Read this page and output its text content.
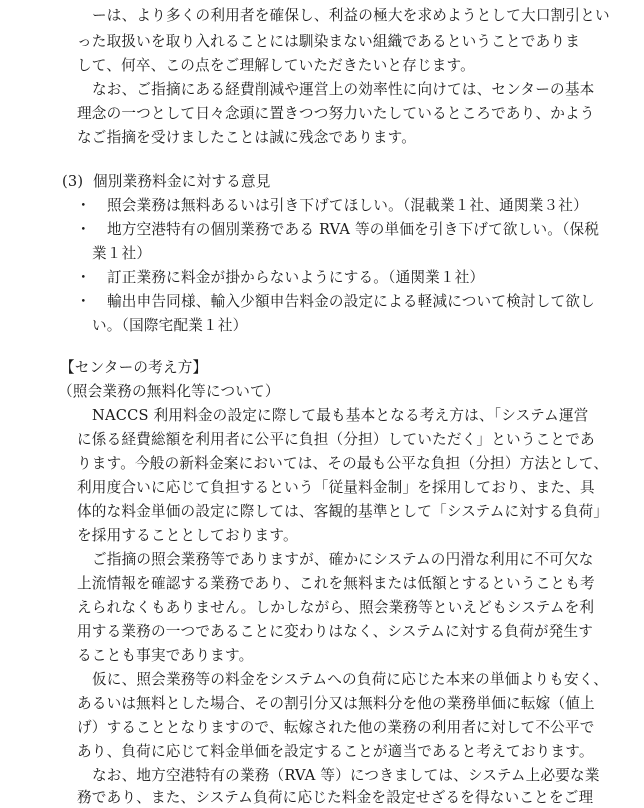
ーは、より多くの利用者を確保し、利益の極大を求めようとして大口割引とい
った取扱いを取り入れることには馴染まない組織であるということでありま
して、何卒、この点をご理解していただきたいと存じます。
なお、ご指摘にある経費削減や運営上の効率性に向けては、センターの基本
理念の一つとして日々念頭に置きつつ努力いたしているところであり、かよう
なご指摘を受けましたことは誠に残念であります。
(3) 個別業務料金に対する意見
・ 照会業務は無料あるいは引き下げてほしい。（混載業１社、通関業３社）
・ 地方空港特有の個別業務である RVA 等の単価を引き下げて欲しい。（保税
業１社）
・ 訂正業務に料金が掛からないようにする。（通関業１社）
・ 輸出申告同様、輸入少額申告料金の設定による軽減について検討して欲し
い。（国際宅配業１社）
【センターの考え方】
（照会業務の無料化等について）
NACCS 利用料金の設定に際して最も基本となる考え方は、「システム運営
に係る経費総額を利用者に公平に負担（分担）していただく」ということであ
ります。今般の新料金案においては、その最も公平な負担（分担）方法として、
利用度合いに応じて負担するという「従量料金制」を採用しており、また、具
体的な料金単価の設定に際しては、客観的基準として「システムに対する負荷」
を採用することとしております。
ご指摘の照会業務等でありますが、確かにシステムの円滑な利用に不可欠な
上流情報を確認する業務であり、これを無料または低額とするということも考
えられなくもありません。しかしながら、照会業務等といえどもシステムを利
用する業務の一つであることに変わりはなく、システムに対する負荷が発生す
ることも事実であります。
仮に、照会業務等の料金をシステムへの負荷に応じた本来の単価よりも安く、
あるいは無料とした場合、その割引分又は無料分を他の業務単価に転嫁（値上
げ）することとなりますので、転嫁された他の業務の利用者に対して不公平で
あり、負荷に応じて料金単価を設定することが適当であると考えております。
なお、地方空港特有の業務（RVA 等）につきましては、システム上必要な業
務であり、また、システム負荷に応じた料金を設定せざるを得ないことをご理
